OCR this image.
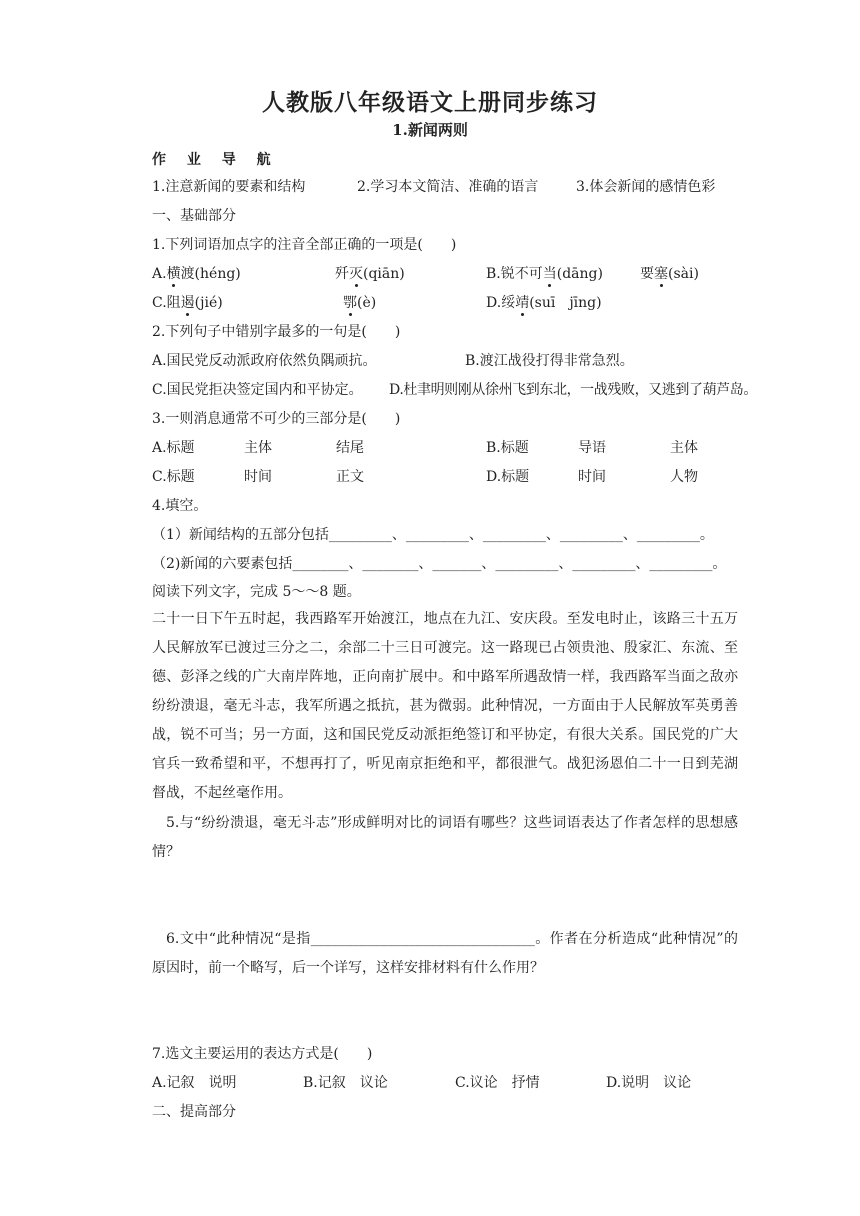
人教版八年级语文上册同步练习
1.新闻两则
作 业 导 航
1.注意新闻的要素和结构	2.学习本文简洁、准确的语言	3.体会新闻的感情色彩
一、基础部分
1.下列词语加点字的注音全部正确的一项是(　　)
A.横渡(héng)	歼灭(qiān)	B.锐不可当(dāng)	要塞(sài)
C.阻遏(jié)	鄂(è)	D.绥靖(suī　jīng)
2.下列句子中错别字最多的一句是(　　)
A.国民党反动派政府依然负隅顽抗。	B.渡江战役打得非常急烈。
C.国民党拒决签定国内和平协定。 D.杜聿明则刚从徐州飞到东北，一战残败，又逃到了葫芦岛。
3.一则消息通常不可少的三部分是(　　)
A.标题	主体	结尾	B.标题	导语	主体
C.标题	时间	正文	D.标题	时间	人物
4.填空。
（1）新闻结构的五部分包括_________、_________、_________、_________、_________。
（2)新闻的六要素包括________、________、_______、_________、_________、_________。
阅读下列文字，完成 5～～8 题。
二十一日下午五时起，我西路军开始渡江，地点在九江、安庆段。至发电时止，该路三十五万人民解放军已渡过三分之二，余部二十三日可渡完。这一路现已占领贵池、殷家汇、东流、至德、彭泽之线的广大南岸阵地，正向南扩展中。和中路军所遇敌情一样，我西路军当面之敌亦纷纷溃退，毫无斗志，我军所遇之抵抗，甚为微弱。此种情况，一方面由于人民解放军英勇善战，锐不可当；另一方面，这和国民党反动派拒绝签订和平协定，有很大关系。国民党的广大官兵一致希望和平，不想再打了，听见南京拒绝和平，都很泄气。战犯汤恩伯二十一日到芜湖督战，不起丝毫作用。
5.与“纷纷溃退，毫无斗志”形成鲜明对比的词语有哪些？这些词语表达了作者怎样的思想感情？
6.文中“此种情况“是指________________________________。作者在分析造成“此种情况”的原因时，前一个略写，后一个详写，这样安排材料有什么作用？
7.选文主要运用的表达方式是(　　)
A.记叙　说明	B.记叙　议论	C.议论　抒情	D.说明　议论
二、提高部分
